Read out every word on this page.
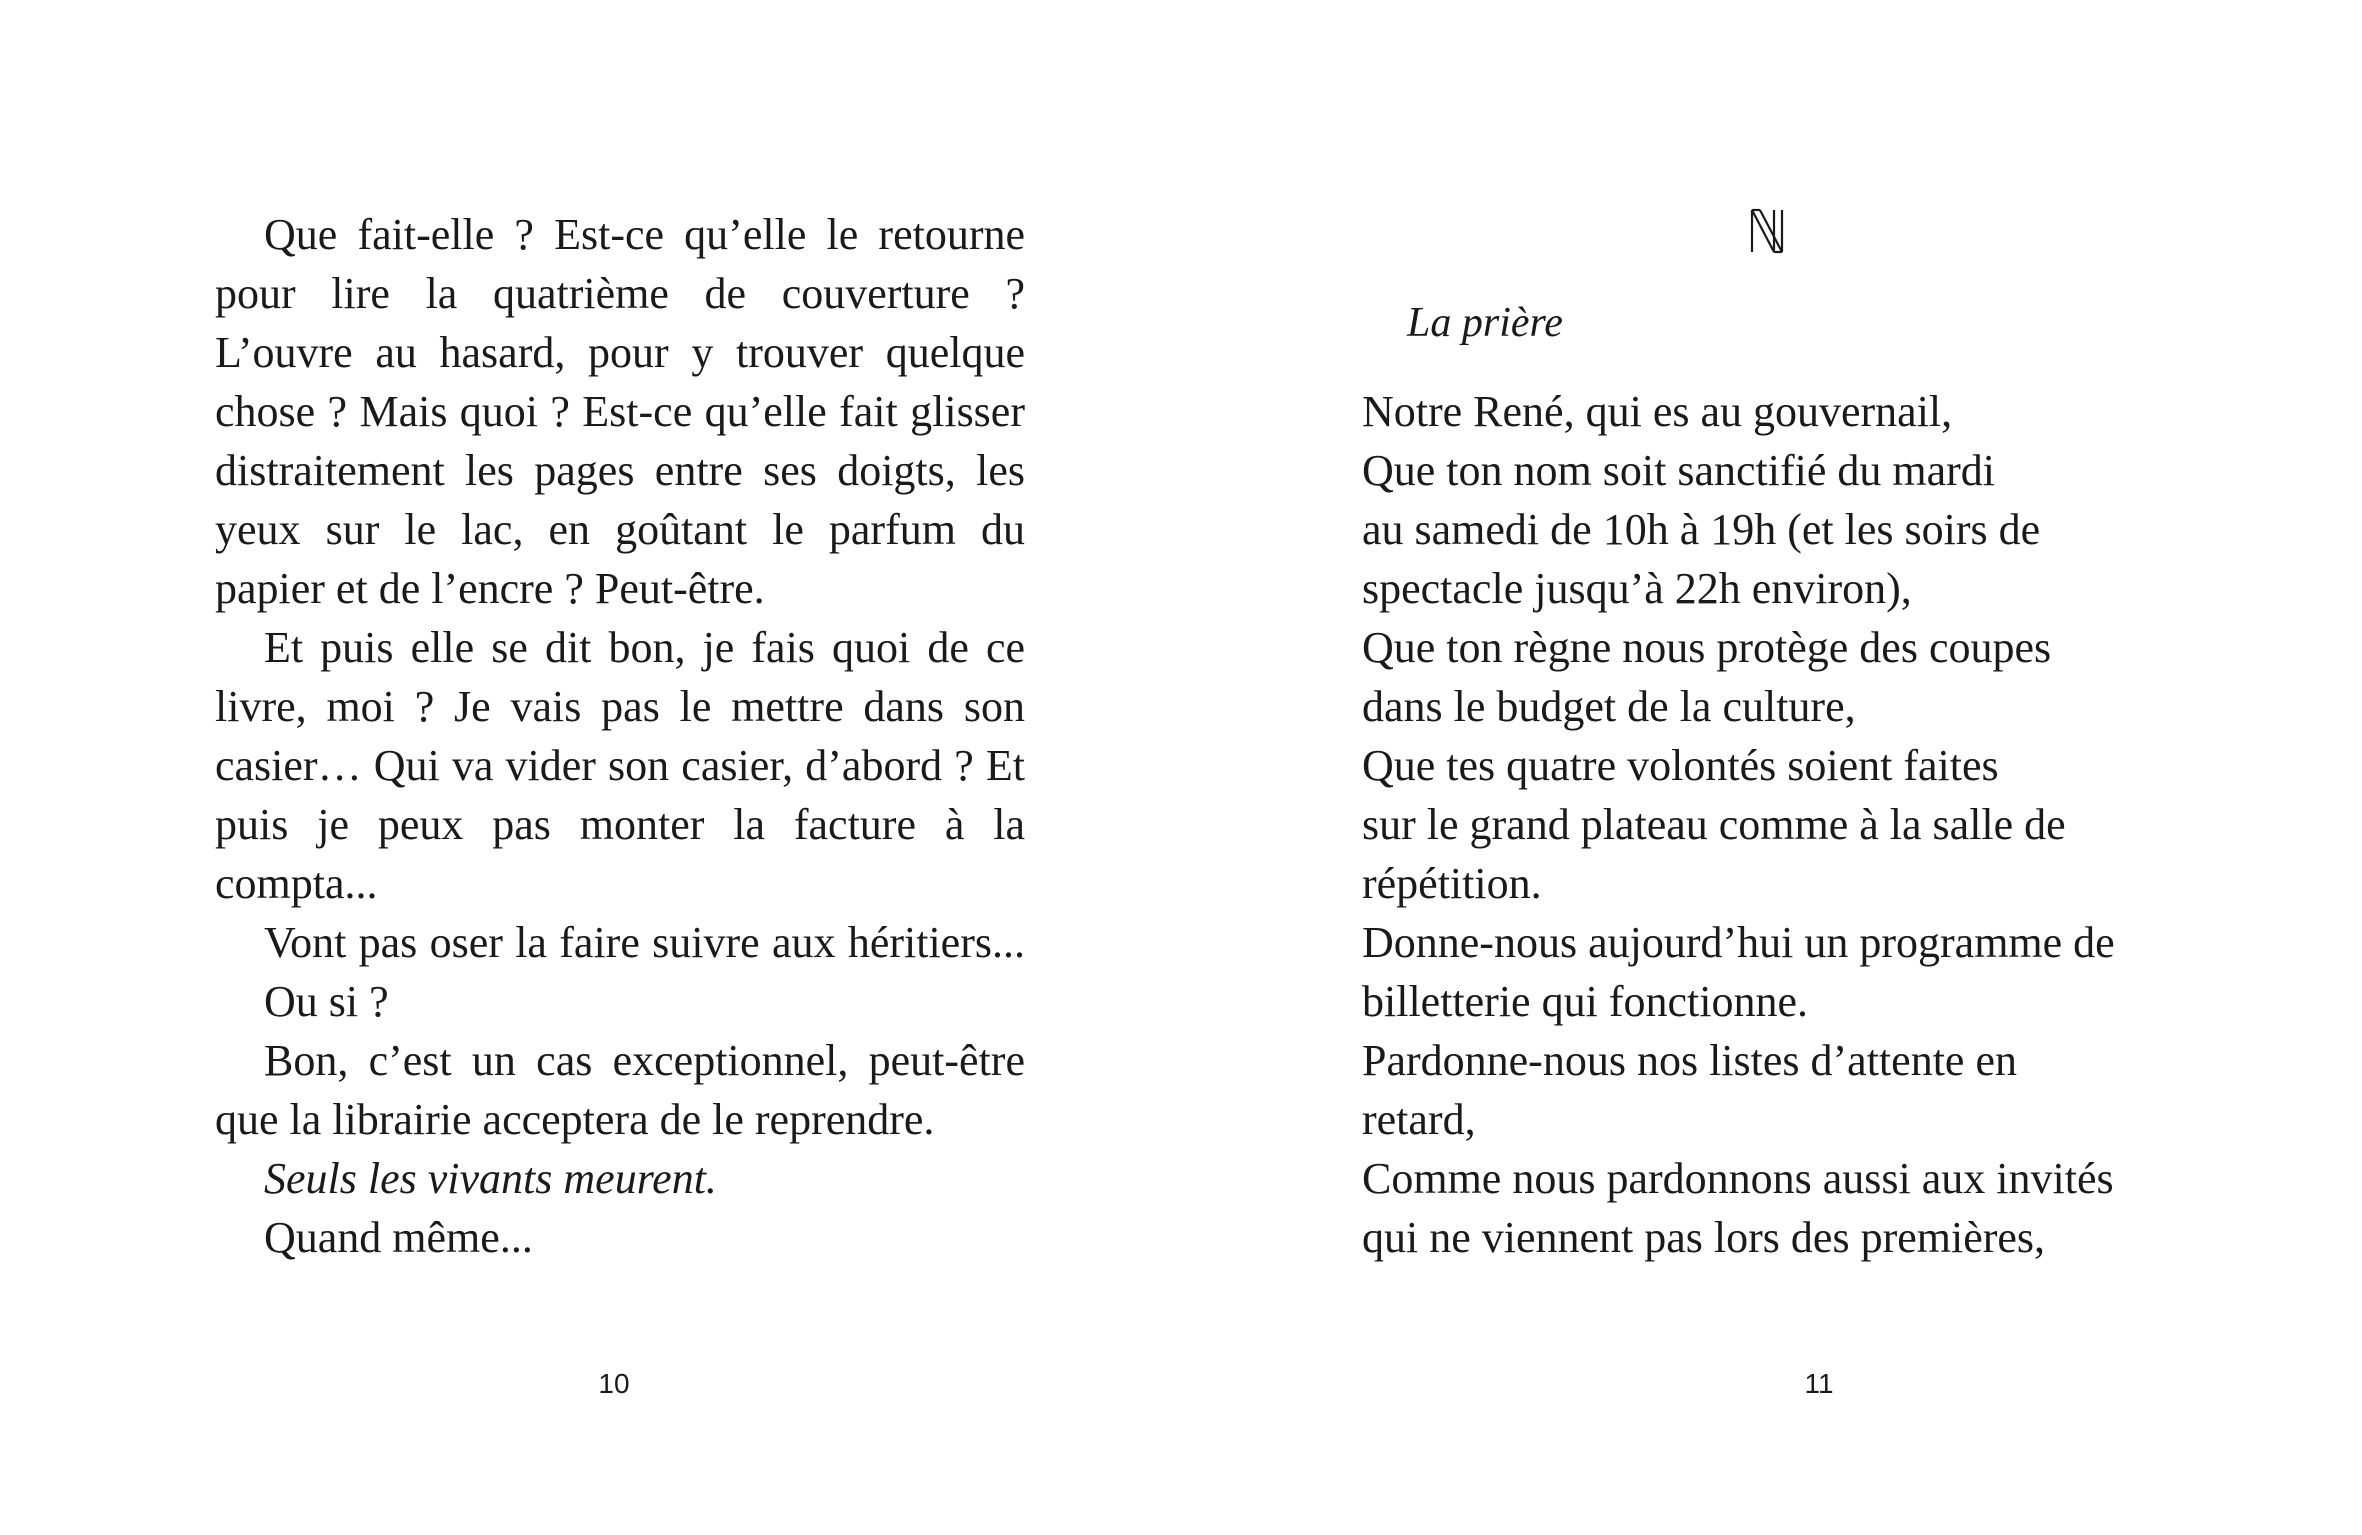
Que fait-elle ? Est-ce qu’elle le retourne pour lire la quatrième de couverture ? L’ouvre au hasard, pour y trouver quelque chose ? Mais quoi ? Est-ce qu’elle fait glisser distraitement les pages entre ses doigts, les yeux sur le lac, en goûtant le parfum du papier et de l’encre ? Peut-être.

Et puis elle se dit bon, je fais quoi de ce livre, moi ? Je vais pas le mettre dans son casier… Qui va vider son casier, d’abord ? Et puis je peux pas monter la facture à la compta...

Vont pas oser la faire suivre aux héritiers...

Ou si ?

Bon, c’est un cas exceptionnel, peut-être que la librairie acceptera de le reprendre.

Seuls les vivants meurent.

Quand même...

10

La prière

Notre René, qui es au gouvernail,
Que ton nom soit sanctifié du mardi
au samedi de 10h à 19h (et les soirs de
spectacle jusqu’à 22h environ),
Que ton règne nous protège des coupes
dans le budget de la culture,
Que tes quatre volontés soient faites
sur le grand plateau comme à la salle de
répétition.
Donne-nous aujourd’hui un programme de
billetterie qui fonctionne.
Pardonne-nous nos listes d’attente en
retard,
Comme nous pardonnons aussi aux invités
qui ne viennent pas lors des premières,
11
